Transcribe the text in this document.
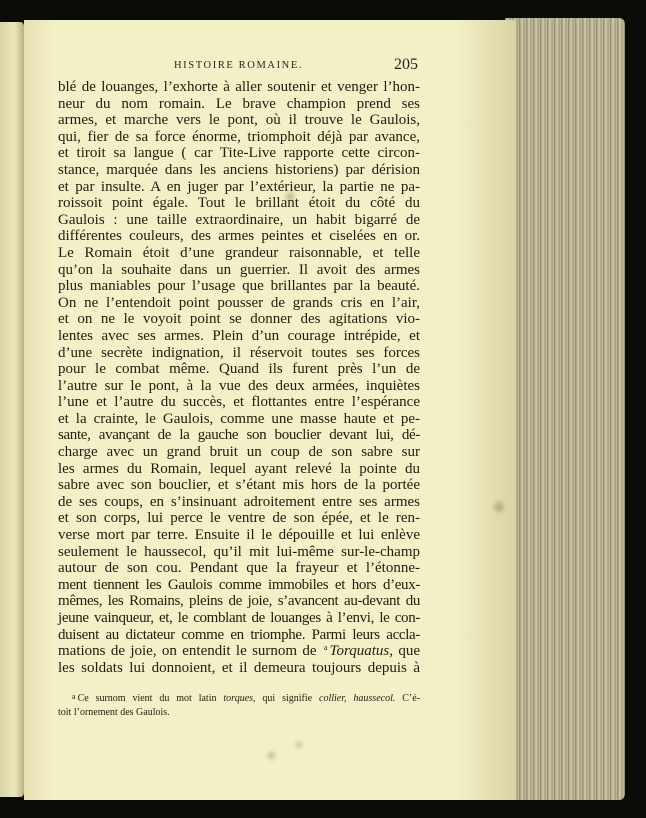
HISTOIRE ROMAINE.	205
blé de louanges, l’exhorte à aller soutenir et venger l’hon-
neur du nom romain. Le brave champion prend ses
armes, et marche vers le pont, où il trouve le Gaulois,
qui, fier de sa force énorme, triomphoit déjà par avance,
et tiroit sa langue ( car Tite-Live rapporte cette circon-
stance, marquée dans les anciens historiens) par dérision
et par insulte. A en juger par l’extérieur, la partie ne pa-
roissoit point égale. Tout le brillant étoit du côté du
Gaulois : une taille extraordinaire, un habit bigarré de
différentes couleurs, des armes peintes et ciselées en or.
Le Romain étoit d’une grandeur raisonnable, et telle
qu’on la souhaite dans un guerrier. Il avoit des armes
plus maniables pour l’usage que brillantes par la beauté.
On ne l’entendoit point pousser de grands cris en l’air,
et on ne le voyoit point se donner des agitations vio-
lentes avec ses armes. Plein d’un courage intrépide, et
d’une secrète indignation, il réservoit toutes ses forces
pour le combat même. Quand ils furent près l’un de
l’autre sur le pont, à la vue des deux armées, inquiètes
l’une et l’autre du succès, et flottantes entre l’espérance
et la crainte, le Gaulois, comme une masse haute et pe-
sante, avançant de la gauche son bouclier devant lui, dé-
charge avec un grand bruit un coup de son sabre sur
les armes du Romain, lequel ayant relevé la pointe du
sabre avec son bouclier, et s’étant mis hors de la portée
de ses coups, en s’insinuant adroitement entre ses armes
et son corps, lui perce le ventre de son épée, et le ren-
verse mort par terre. Ensuite il le dépouille et lui enlève
seulement le haussecol, qu’il mit lui-même sur-le-champ
autour de son cou. Pendant que la frayeur et l’étonne-
ment tiennent les Gaulois comme immobiles et hors d’eux-
mêmes, les Romains, pleins de joie, s’avancent au-devant du
jeune vainqueur, et, le comblant de louanges à l’envi, le con-
duisent au dictateur comme en triomphe. Parmi leurs accla-
mations de joie, on entendit le surnom de $^a$ Torquatus, que
les soldats lui donnoient, et il demeura toujours depuis à
$^a$ Ce surnom vient du mot latin torques, qui signifie collier, haussecol. C’é-
toit l’ornement des Gaulois.
